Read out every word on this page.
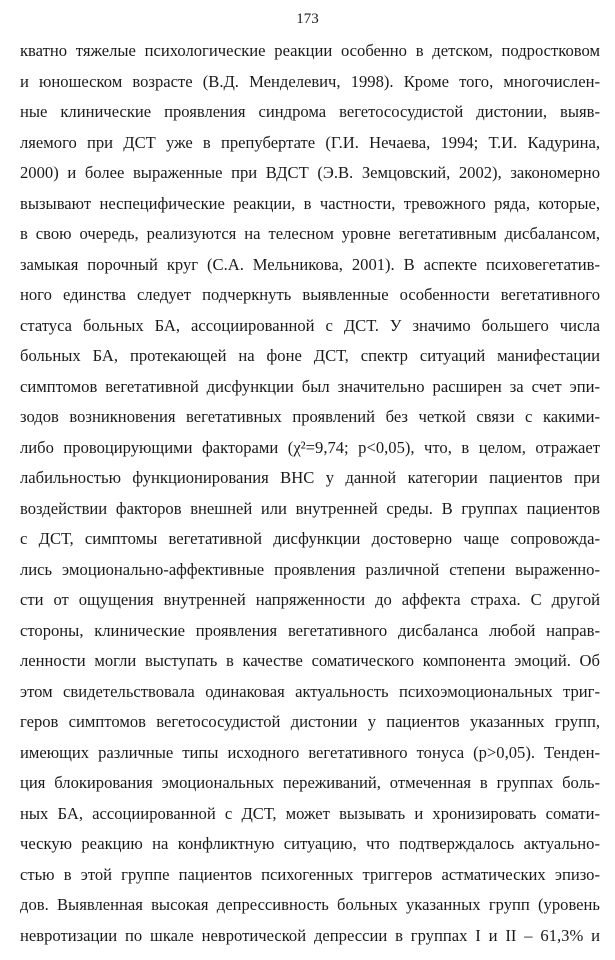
173
кватно тяжелые психологические реакции особенно в детском, подростковом
и юношеском возрасте (В.Д. Менделевич, 1998). Кроме того, многочислен-
ные клинические проявления синдрома вегетососудистой дистонии, выяв-
ляемого при ДСТ уже в препубертате (Г.И. Нечаева, 1994; Т.И. Кадурина,
2000) и более выраженные при ВДСТ (Э.В. Земцовский, 2002), закономерно
вызывают неспецифические реакции, в частности, тревожного ряда, которые,
в свою очередь, реализуются на телесном уровне вегетативным дисбалансом,
замыкая порочный круг (С.А. Мельникова, 2001). В аспекте психовегетатив-
ного единства следует подчеркнуть выявленные особенности вегетативного
статуса больных БА, ассоциированной с ДСТ. У значимо большего числа
больных БА, протекающей на фоне ДСТ, спектр ситуаций манифестации
симптомов вегетативной дисфункции был значительно расширен за счет эпи-
зодов возникновения вегетативных проявлений без четкой связи с какими-
либо провоцирующими факторами (χ²=9,74; p<0,05), что, в целом, отражает
лабильностью функционирования ВНС у данной категории пациентов при
воздействии факторов внешней или внутренней среды. В группах пациентов
с ДСТ, симптомы вегетативной дисфункции достоверно чаще сопровожда-
лись эмоционально-аффективные проявления различной степени выраженно-
сти от ощущения внутренней напряженности до аффекта страха. С другой
стороны, клинические проявления вегетативного дисбаланса любой направ-
ленности могли выступать в качестве соматического компонента эмоций. Об
этом свидетельствовала одинаковая актуальность психоэмоциональных триг-
геров симптомов вегетососудистой дистонии у пациентов указанных групп,
имеющих различные типы исходного вегетативного тонуса (p>0,05). Тенден-
ция блокирования эмоциональных переживаний, отмеченная в группах боль-
ных БА, ассоциированной с ДСТ, может вызывать и хронизировать сомати-
ческую реакцию на конфликтную ситуацию, что подтверждалось актуально-
стью в этой группе пациентов психогенных триггеров астматических эпизо-
дов. Выявленная высокая депрессивность больных указанных групп (уровень
невротизации по шкале невротической депрессии в группах I и II – 61,3% и
